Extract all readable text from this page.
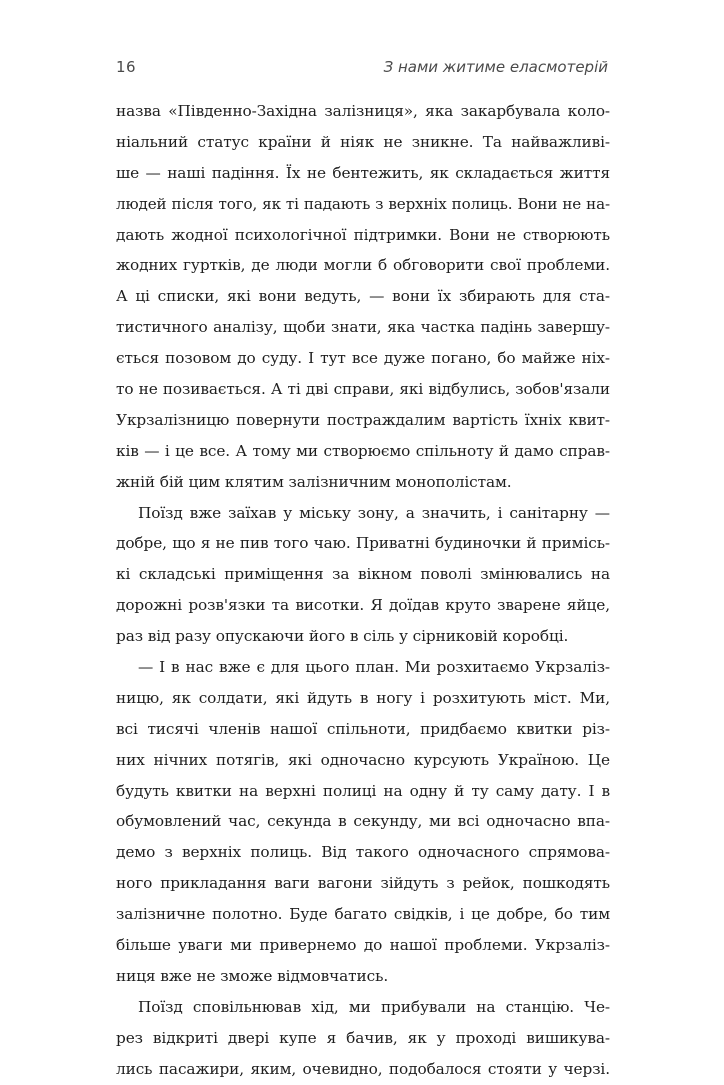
16	З нами житиме еласмотерій

назва «Південно-Західна залізниця», яка закарбувала коло-
ніальний статус країни й ніяк не зникне. Та найважливі-
ше — наші падіння. Їх не бентежить, як складається життя
людей після того, як ті падають з верхніх полиць. Вони не на-
дають жодної психологічної підтримки. Вони не створюють
жодних гуртків, де люди могли б обговорити свої проблеми.
А ці списки, які вони ведуть, — вони їх збирають для ста-
тистичного аналізу, щоби знати, яка частка падінь завершу-
ється позовом до суду. І тут все дуже погано, бо майже ніх-
то не позивається. А ті дві справи, які відбулись, зобов'язали
Укрзалізницю повернути постраждалим вартість їхніх квит-
ків — і це все. А тому ми створюємо спільноту й дамо справ-
жній бій цим клятим залізничним монополістам.

Поїзд вже заїхав у міську зону, а значить, і санітарну —
добре, що я не пив того чаю. Приватні будиночки й примісь-
кі складські приміщення за вікном поволі змінювались на
дорожні розв'язки та висотки. Я доїдав круто зварене яйце,
раз від разу опускаючи його в сіль у сірниковій коробці.

— І в нас вже є для цього план. Ми розхитаємо Укрзаліз-
ницю, як солдати, які йдуть в ногу і розхитують міст. Ми,
всі тисячі членів нашої спільноти, придбаємо квитки різ-
них нічних потягів, які одночасно курсують Україною. Це
будуть квитки на верхні полиці на одну й ту саму дату. І в
обумовлений час, секунда в секунду, ми всі одночасно впа-
демо з верхніх полиць. Від такого одночасного спрямова-
ного прикладання ваги вагони зійдуть з рейок, пошкодять
залізничне полотно. Буде багато свідків, і це добре, бо тим
більше уваги ми привернемо до нашої проблеми. Укрзаліз-
ниця вже не зможе відмовчатись.

Поїзд сповільнював хід, ми прибували на станцію. Че-
рез відкриті двері купе я бачив, як у проході вишикува-
лись пасажири, яким, очевидно, подобалося стояти у черзі.
